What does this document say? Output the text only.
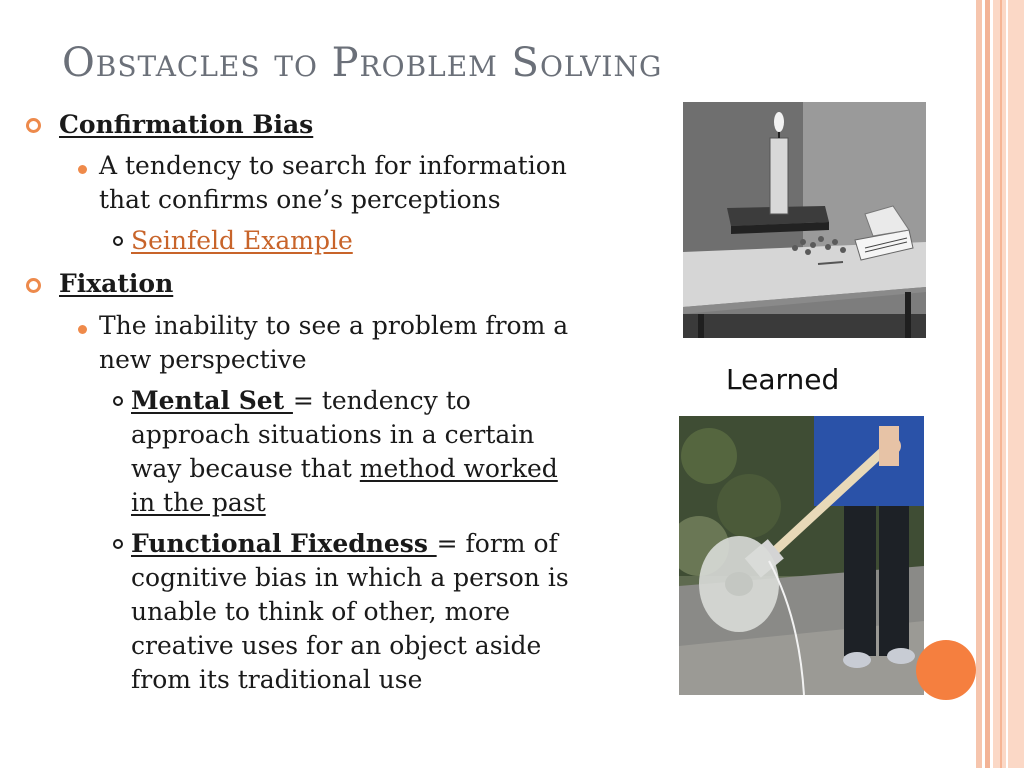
Obstacles to Problem Solving
Confirmation Bias
A tendency to search for information
that confirms one’s perceptions
Seinfeld Example
Fixation
The inability to see a problem from a
new perspective
Mental Set = tendency to
approach situations in a certain
way because that method worked
in the past
Functional Fixedness = form of
cognitive bias in which a person is
unable to think of other, more
creative uses for an object aside
from its traditional use
Learned
